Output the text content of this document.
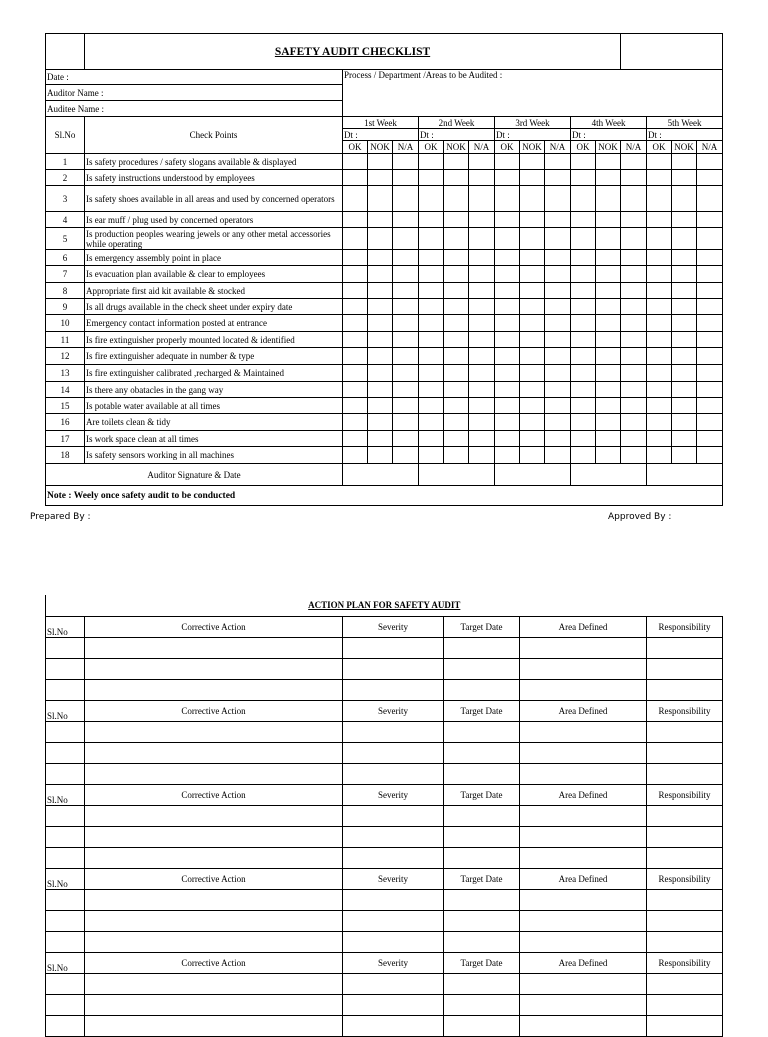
	SAFETY AUDIT CHECKLIST															
Date :		Process / Department /Areas to be Audited :														
Auditor Name :																
Auditee Name :																
Sl.No	Check Points	1st Week			2nd Week			3rd Week			4th Week			5th Week		
		Dt :			Dt :			Dt :			Dt :			Dt :		
		OK	NOK	N/A	OK	NOK	N/A	OK	NOK	N/A	OK	NOK	N/A	OK	NOK	N/A
1	Is safety procedures / safety slogans available & displayed															
2	Is safety instructions understood by employees															
3	Is safety shoes available in all areas and used by concerned operators															
4	Is ear muff / plug used by concerned operators															
5	Is production peoples wearing jewels or any other metal accessories while operating															
6	Is emergency assembly point in place															
7	Is evacuation plan available & clear to employees															
8	Appropriate first aid kit available & stocked															
9	Is all drugs available in the check sheet under expiry date															
10	Emergency contact information posted at entrance															
11	Is fire extinguisher properly mounted located & identified															
12	Is fire extinguisher adequate in number & type															
13	Is fire extinguisher calibrated ,recharged & Maintained															
14	Is there any obatacles in the gang way															
15	Is potable water available at all times															
16	Are toilets clean & tidy															
17	Is work space clean at all times															
18	Is safety sensors working in all machines															
Auditor Signature & Date																
Note : Weely once safety audit to be conducted																
Prepared By :	Approved By :
ACTION PLAN FOR SAFETY AUDIT					
Sl.No	Corrective Action	Severity	Target Date	Area Defined	Responsibility

Sl.No	Corrective Action	Severity	Target Date	Area Defined	Responsibility

Sl.No	Corrective Action	Severity	Target Date	Area Defined	Responsibility

Sl.No	Corrective Action	Severity	Target Date	Area Defined	Responsibility

Sl.No	Corrective Action	Severity	Target Date	Area Defined	Responsibility
